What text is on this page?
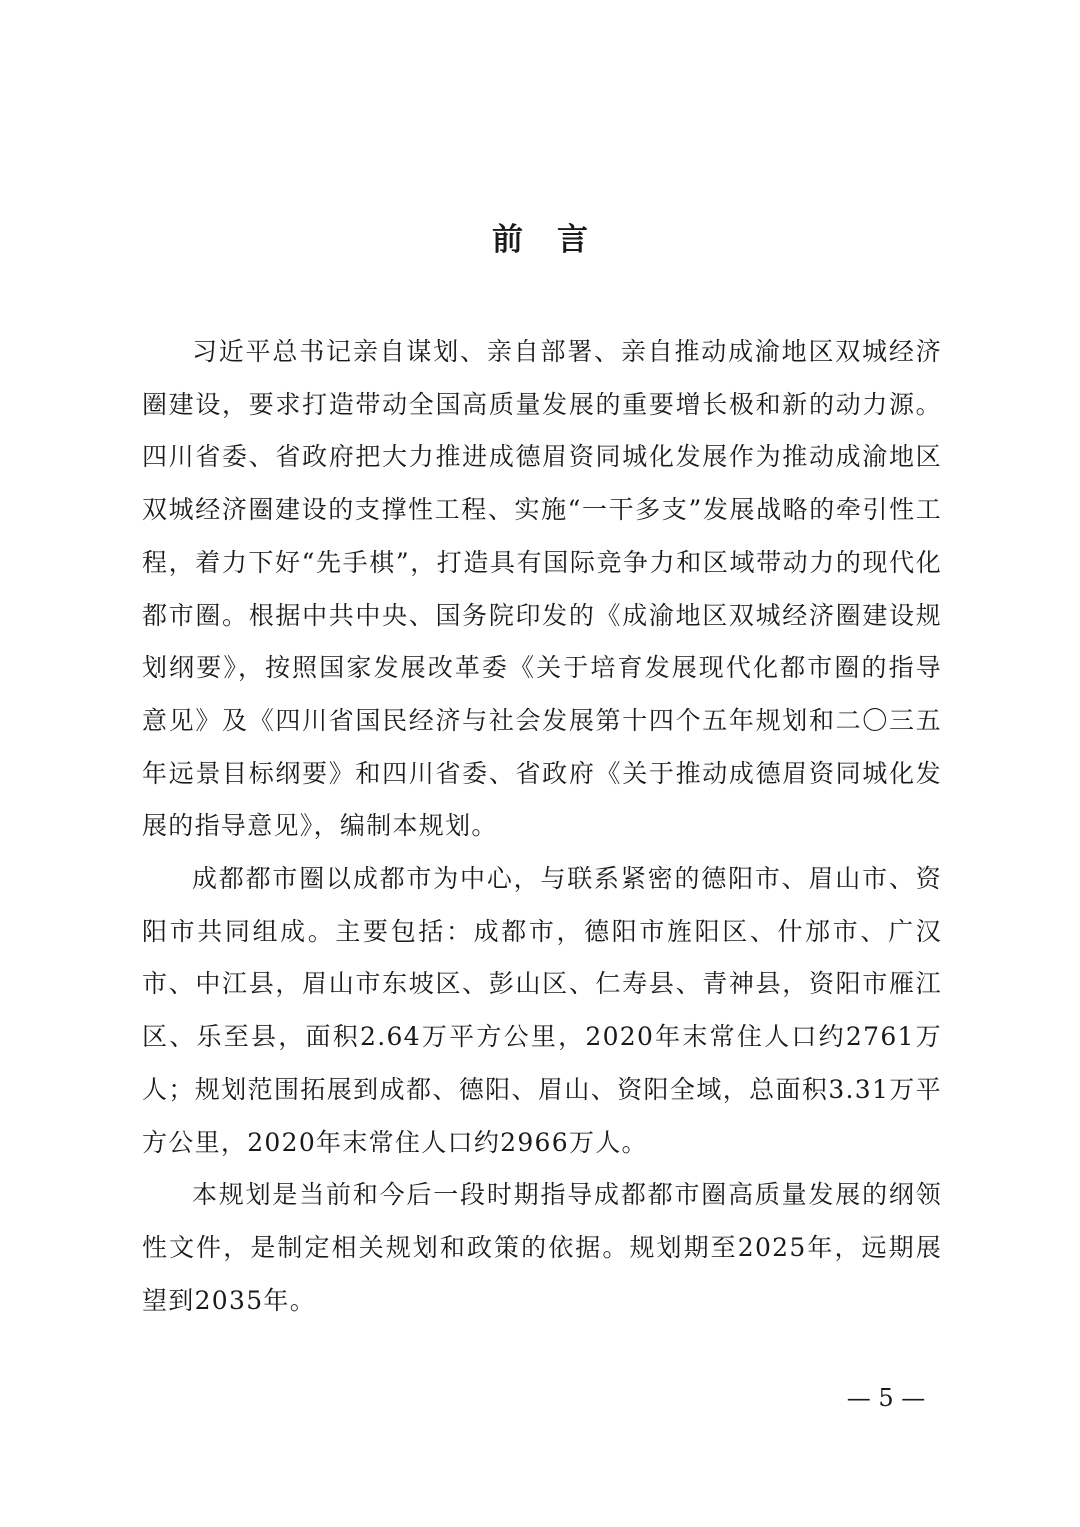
前 言

习近平总书记亲自谋划、亲自部署、亲自推动成渝地区双城经济圈建设，要求打造带动全国高质量发展的重要增长极和新的动力源。四川省委、省政府把大力推进成德眉资同城化发展作为推动成渝地区双城经济圈建设的支撑性工程、实施“一干多支”发展战略的牵引性工程，着力下好“先手棋”，打造具有国际竞争力和区域带动力的现代化都市圈。根据中共中央、国务院印发的《成渝地区双城经济圈建设规划纲要》，按照国家发展改革委《关于培育发展现代化都市圈的指导意见》及《四川省国民经济与社会发展第十四个五年规划和二〇三五年远景目标纲要》和四川省委、省政府《关于推动成德眉资同城化发展的指导意见》，编制本规划。

成都都市圈以成都市为中心，与联系紧密的德阳市、眉山市、资阳市共同组成。主要包括：成都市，德阳市旌阳区、什邡市、广汉市、中江县，眉山市东坡区、彭山区、仁寿县、青神县，资阳市雁江区、乐至县，面积2.64万平方公里，2020年末常住人口约2761万人；规划范围拓展到成都、德阳、眉山、资阳全域，总面积3.31万平方公里，2020年末常住人口约2966万人。

本规划是当前和今后一段时期指导成都都市圈高质量发展的纲领性文件，是制定相关规划和政策的依据。规划期至2025年，远期展望到2035年。

— 5 —
